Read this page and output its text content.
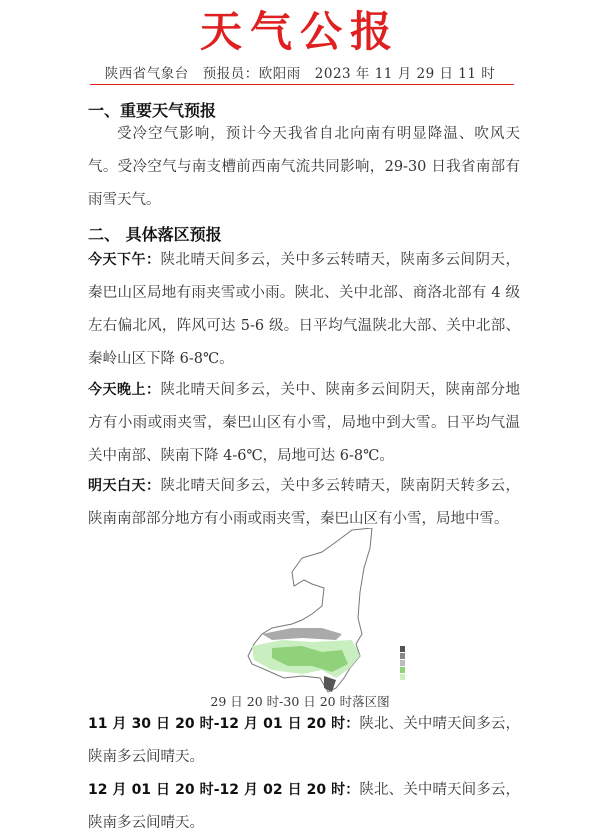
天气公报
陕西省气象台　预报员：欧阳雨　2023 年 11 月 29 日 11 时
一、重要天气预报
受冷空气影响，预计今天我省自北向南有明显降温、吹风天气。受冷空气与南支槽前西南气流共同影响，29-30 日我省南部有雨雪天气。
二、 具体落区预报
今天下午：陕北晴天间多云，关中多云转晴天，陕南多云间阴天，秦巴山区局地有雨夹雪或小雨。陕北、关中北部、商洛北部有 4 级左右偏北风，阵风可达 5-6 级。日平均气温陕北大部、关中北部、秦岭山区下降 6-8℃。
今天晚上：陕北晴天间多云，关中、陕南多云间阴天，陕南部分地方有小雨或雨夹雪，秦巴山区有小雪，局地中到大雪。日平均气温关中南部、陕南下降 4-6℃，局地可达 6-8℃。
明天白天：陕北晴天间多云，关中多云转晴天，陕南阴天转多云，陕南南部部分地方有小雨或雨夹雪，秦巴山区有小雪，局地中雪。
29 日 20 时-30 日 20 时落区图
11 月 30 日 20 时-12 月 01 日 20 时：陕北、关中晴天间多云，陕南多云间晴天。
12 月 01 日 20 时-12 月 02 日 20 时：陕北、关中晴天间多云，陕南多云间晴天。
